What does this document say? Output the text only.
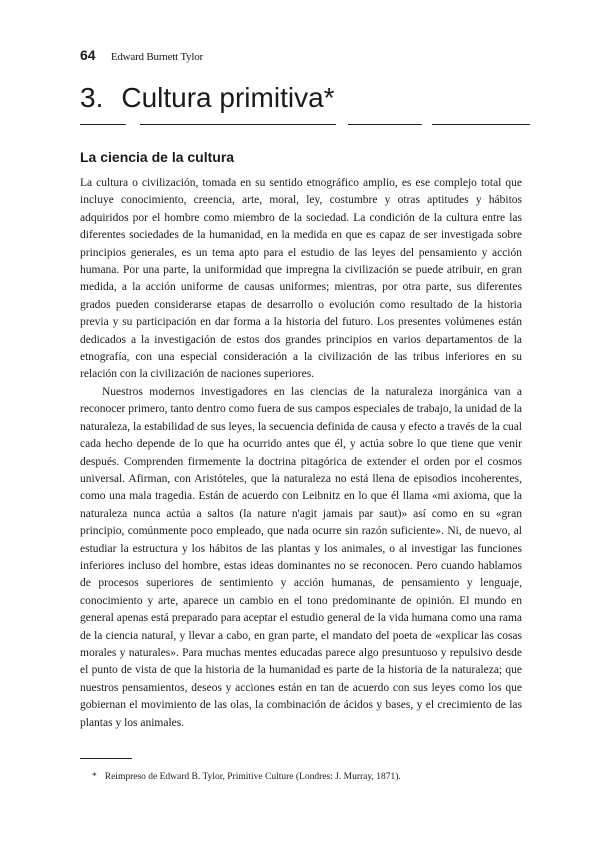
64 Edward Burnett Tylor
3. Cultura primitiva*
La ciencia de la cultura

La cultura o civilización, tomada en su sentido etnográfico amplio, es ese complejo total que incluye conocimiento, creencia, arte, moral, ley, costumbre y otras aptitudes y hábitos adquiridos por el hombre como miembro de la sociedad. La condición de la cultura entre las diferentes sociedades de la humanidad, en la medida en que es capaz de ser investigada sobre principios generales, es un tema apto para el estudio de las leyes del pensamiento y acción humana. Por una parte, la uniformidad que impregna la civilización se puede atribuir, en gran medida, a la acción uniforme de causas uniformes; mientras, por otra parte, sus diferentes grados pueden considerarse etapas de desarrollo o evolución como resultado de la historia previa y su participación en dar forma a la historia del futuro. Los presentes volúmenes están dedicados a la investigación de estos dos grandes principios en varios departamentos de la etnografía, con una especial consideración a la civilización de las tribus inferiores en su relación con la civilización de naciones superiores.

Nuestros modernos investigadores en las ciencias de la naturaleza inorgánica van a reconocer primero, tanto dentro como fuera de sus campos especiales de trabajo, la unidad de la naturaleza, la estabilidad de sus leyes, la secuencia definida de causa y efecto a través de la cual cada hecho depende de lo que ha ocurrido antes que él, y actúa sobre lo que tiene que venir después. Comprenden firmemente la doctrina pitagórica de extender el orden por el cosmos universal. Afirman, con Aristóteles, que la naturaleza no está llena de episodios incoherentes, como una mala tragedia. Están de acuerdo con Leibnitz en lo que él llama «mi axioma, que la naturaleza nunca actúa a saltos (la nature n'agit jamais par saut)» así como en su «gran principio, comúnmente poco empleado, que nada ocurre sin razón suficiente». Ni, de nuevo, al estudiar la estructura y los hábitos de las plantas y los animales, o al investigar las funciones inferiores incluso del hombre, estas ideas dominantes no se reconocen. Pero cuando hablamos de procesos superiores de sentimiento y acción humanas, de pensamiento y lenguaje, conocimiento y arte, aparece un cambio en el tono predominante de opinión. El mundo en general apenas está preparado para aceptar el estudio general de la vida humana como una rama de la ciencia natural, y llevar a cabo, en gran parte, el mandato del poeta de «explicar las cosas morales y naturales». Para muchas mentes educadas parece algo presuntuoso y repulsivo desde el punto de vista de que la historia de la humanidad es parte de la historia de la naturaleza; que nuestros pensamientos, deseos y acciones están en tan de acuerdo con sus leyes como los que gobiernan el movimiento de las olas, la combinación de ácidos y bases, y el crecimiento de las plantas y los animales.

* Reimpreso de Edward B. Tylor, Primitive Culture (Londres: J. Murray, 1871).
